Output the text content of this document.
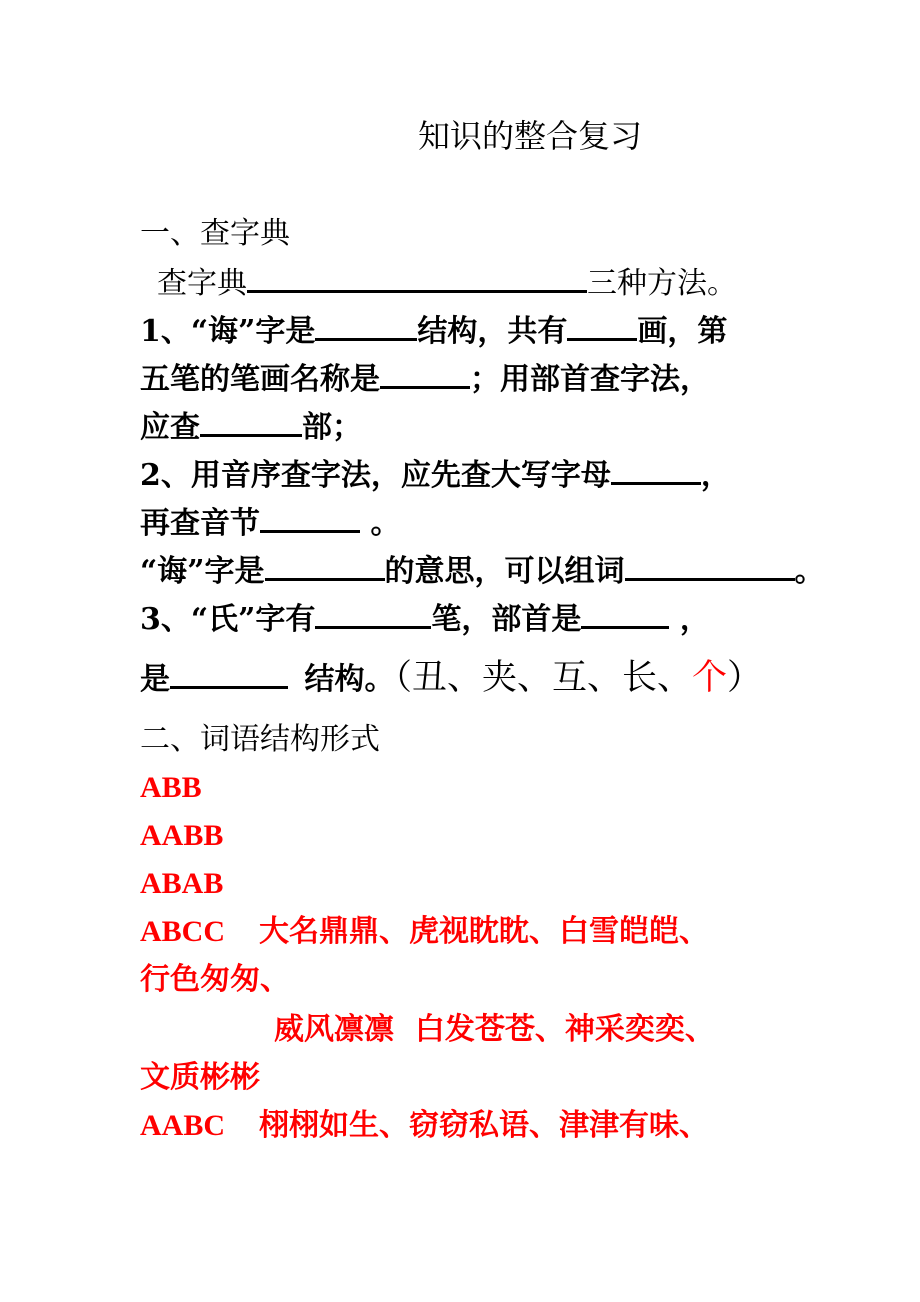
知识的整合复习
一、查字典
查字典	三种方法。
1、“诲”字是	结构，共有 画，第
五笔的笔画名称是	；用部首查字法，
应查	部；
2、用音序查字法，应先查大写字母	，
再查音节	。
“诲”字是	的意思，可以组词	。
3、“氏”字有	笔，部首是	，
是	结构。（丑、夹、互、长、个）
二、词语结构形式
ABB
AABB
ABAB
ABCC 大名鼎鼎、虎视眈眈、白雪皑皑、
行色匆匆、
威风凛凛  白发苍苍、神采奕奕、
文质彬彬
AABC 栩栩如生、窃窃私语、津津有味、
